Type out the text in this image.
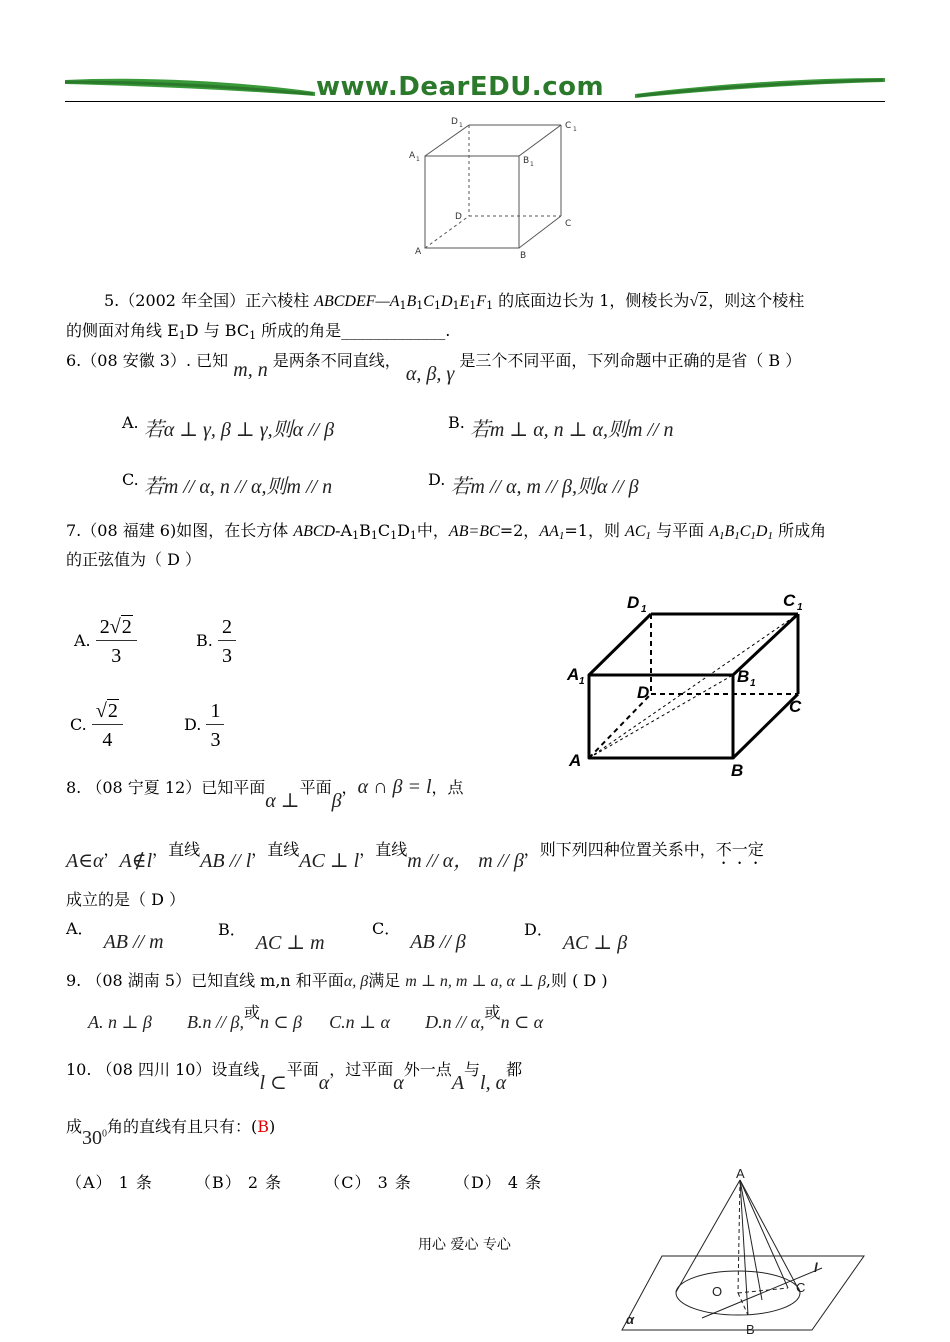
www.DearEDU.com
D 1	C 1
A 1	B 1
D
C
A	B
5.（2002 年全国）正六棱柱 $ABCDEF—A_1B_1C_1D_1E_1F_1$ 的底面边长为 1，侧棱长为√2，则这个棱柱
的侧面对角线 $E_1D$ 与 $BC_1$ 所成的角是_____________.
6.（08 安徽 3）. 已知 m, n 是两条不同直线， α, β, γ 是三个不同平面，下列命题中正确的是省（ B ）
A. 若α ⊥ γ, β ⊥ γ,则α // β	B. 若m ⊥ α, n ⊥ α,则m // n
C. 若m // α, n // α,则m // n	D. 若m // α, m // β,则α // β
7.（08 福建 6)如图，在长方体 ABCD-$A_1B_1C_1D_1$中，AB=BC=2，$AA_1=1$，则 $AC_1$ 与平面 $A_1B_1C_1D_1$ 所成角
的正弦值为（ D ）
A. $\frac{2√2}{3}$	B. $\frac{2}{3}$
C. $\frac{√2}{4}$	D. $\frac{1}{3}$
D 1	C 1
A 1	B 1
D
C
A
B
8. （08 宁夏 12）已知平面α ⊥平面β，α ∩ β = l，点
A∈α，A∉l，直线AB // l，直线AC ⊥ l，直线m // α， m // β，则下列四种位置关系中，不一定
成立的是（ D ）
A．AB // m
B．AC ⊥ m
C．AB // β
D．AC ⊥ β
9. （08 湖南 5）已知直线 m,n 和平面α, β满足 m ⊥ n, m ⊥ a, α ⊥ β,则 ( D )
A. n ⊥ β B.n // β,或n ⊂ β C.n ⊥ α D.n // α,或n ⊂ α
10. （08 四川 10）设直线l ⊂平面α，过平面α外一点A与l, α都
成$30^0$角的直线有且只有：(B)
（A） 1 条	（B） 2 条	（C） 3 条	（D） 4 条	A
l
O	C
α
B
用心 爱心 专心
